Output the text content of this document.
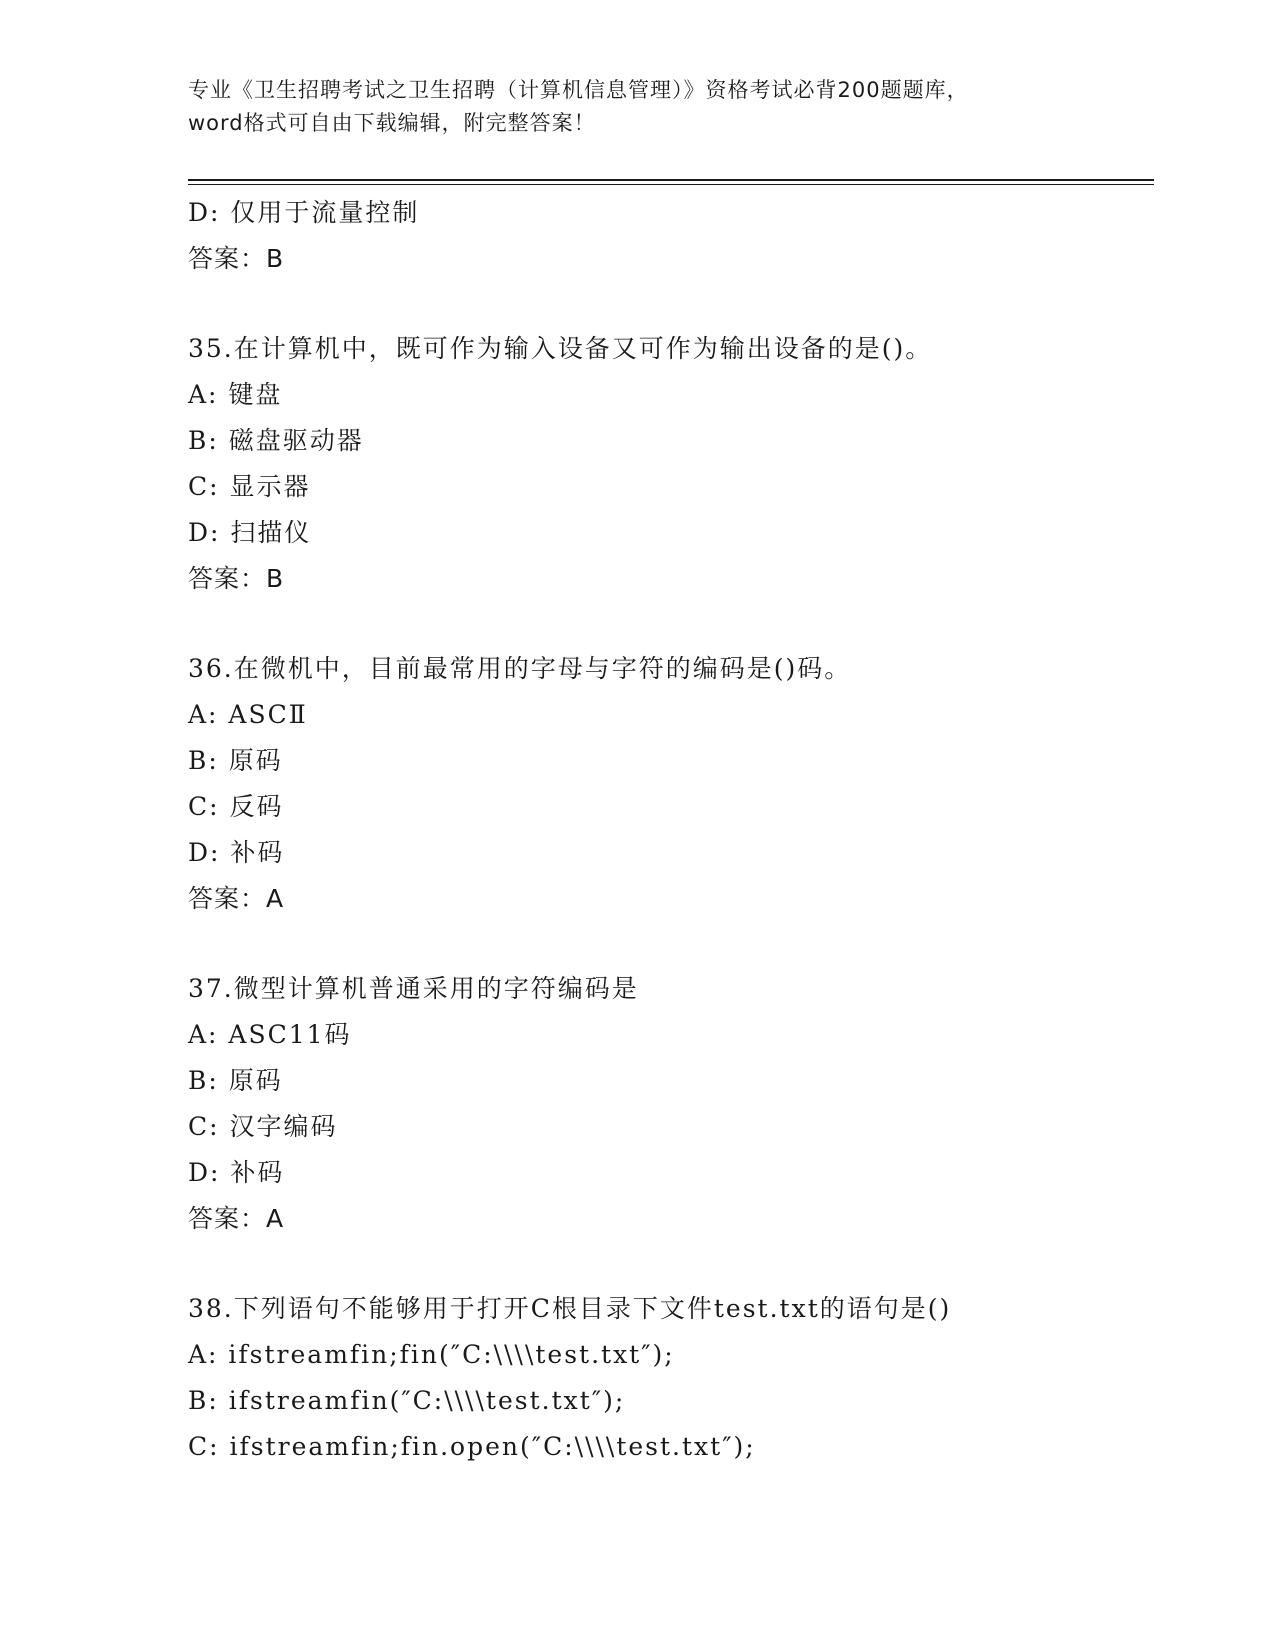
专业《卫生招聘考试之卫生招聘（计算机信息管理）》资格考试必背200题题库，
word格式可自由下载编辑，附完整答案！
D: 仅用于流量控制
答案：B
35.在计算机中，既可作为输入设备又可作为输出设备的是()。
A: 键盘
B: 磁盘驱动器
C: 显示器
D: 扫描仪
答案：B
36.在微机中，目前最常用的字母与字符的编码是()码。
A: ASCⅡ
B: 原码
C: 反码
D: 补码
答案：A
37.微型计算机普通采用的字符编码是
A: ASC11码
B: 原码
C: 汉字编码
D: 补码
答案：A
38.下列语句不能够用于打开C根目录下文件test.txt的语句是()
A: ifstreamfin;fin(″C:\\\\test.txt″);
B: ifstreamfin(″C:\\\\test.txt″);
C: ifstreamfin;fin.open(″C:\\\\test.txt″);
